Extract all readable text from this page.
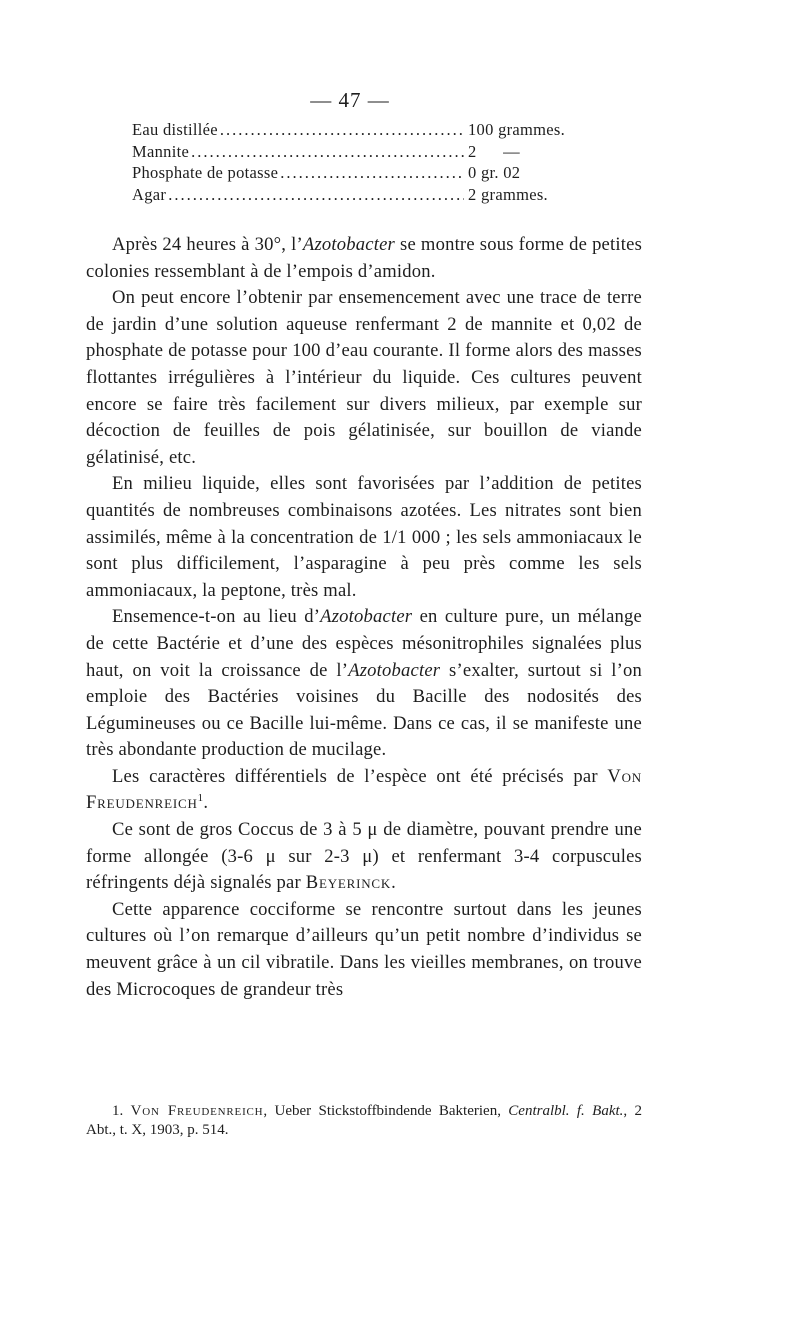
— 47 —
Eau distillée .....	100 grammes.
Mannite .....	2      —
Phosphate de potasse .....	0 gr. 02
Agar .....	2 grammes.

Après 24 heures à 30°, l’Azotobacter se montre sous forme de petites colonies ressemblant à de l’empois d’amidon.

On peut encore l’obtenir par ensemencement avec une trace de terre de jardin d’une solution aqueuse renfermant 2 de mannite et 0,02 de phosphate de potasse pour 100 d’eau courante. Il forme alors des masses flottantes irrégulières à l’intérieur du liquide. Ces cultures peuvent encore se faire très facilement sur divers milieux, par exemple sur décoction de feuilles de pois gélatinisée, sur bouillon de viande gélatinisé, etc.

En milieu liquide, elles sont favorisées par l’addition de petites quantités de nombreuses combinaisons azotées. Les nitrates sont bien assimilés, même à la concentration de 1/1 000 ; les sels ammoniacaux le sont plus difficilement, l’asparagine à peu près comme les sels ammoniacaux, la peptone, très mal.

Ensemence-t-on au lieu d’Azotobacter en culture pure, un mélange de cette Bactérie et d’une des espèces mésonitrophiles signalées plus haut, on voit la croissance de l’Azotobacter s’exalter, surtout si l’on emploie des Bactéries voisines du Bacille des nodosités des Légumineuses ou ce Bacille lui-même. Dans ce cas, il se manifeste une très abondante production de mucilage.

Les caractères différentiels de l’espèce ont été précisés par Von Freudenreich$^1$.

Ce sont de gros Coccus de 3 à 5 μ de diamètre, pouvant prendre une forme allongée (3-6 μ sur 2-3 μ) et renfermant 3-4 corpuscules réfringents déjà signalés par Beyerinck.

Cette apparence cocciforme se rencontre surtout dans les jeunes cultures où l’on remarque d’ailleurs qu’un petit nombre d’individus se meuvent grâce à un cil vibratile. Dans les vieilles membranes, on trouve des Microcoques de grandeur très

1. Von Freudenreich, Ueber Stickstoffbindende Bakterien, Centralbl. f. Bakt., 2 Abt., t. X, 1903, p. 514.
